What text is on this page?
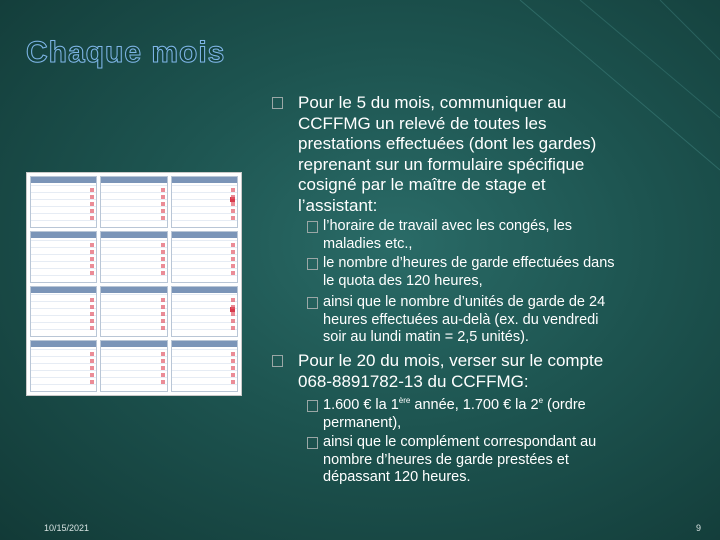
Chaque mois
Pour le 5 du mois, communiquer au
CCFFMG un relevé de toutes les
prestations effectuées (dont les gardes)
reprenant sur un formulaire spécifique
cosigné par le maître de stage et
l’assistant:
l’horaire de travail avec les congés, les
maladies etc.,
le nombre d’heures de garde effectuées dans
le quota des 120 heures,
ainsi que le nombre d’unités de garde de 24
heures effectuées au-delà (ex. du vendredi
soir au lundi matin = 2,5 unités).
Pour le 20 du mois, verser sur le compte
068-8891782-13 du CCFFMG:
1.600 € la 1ère année, 1.700 € la 2e (ordre
permanent),
ainsi que le complément correspondant au
nombre d’heures de garde prestées et
dépassant 120 heures.
10/15/2021	9
